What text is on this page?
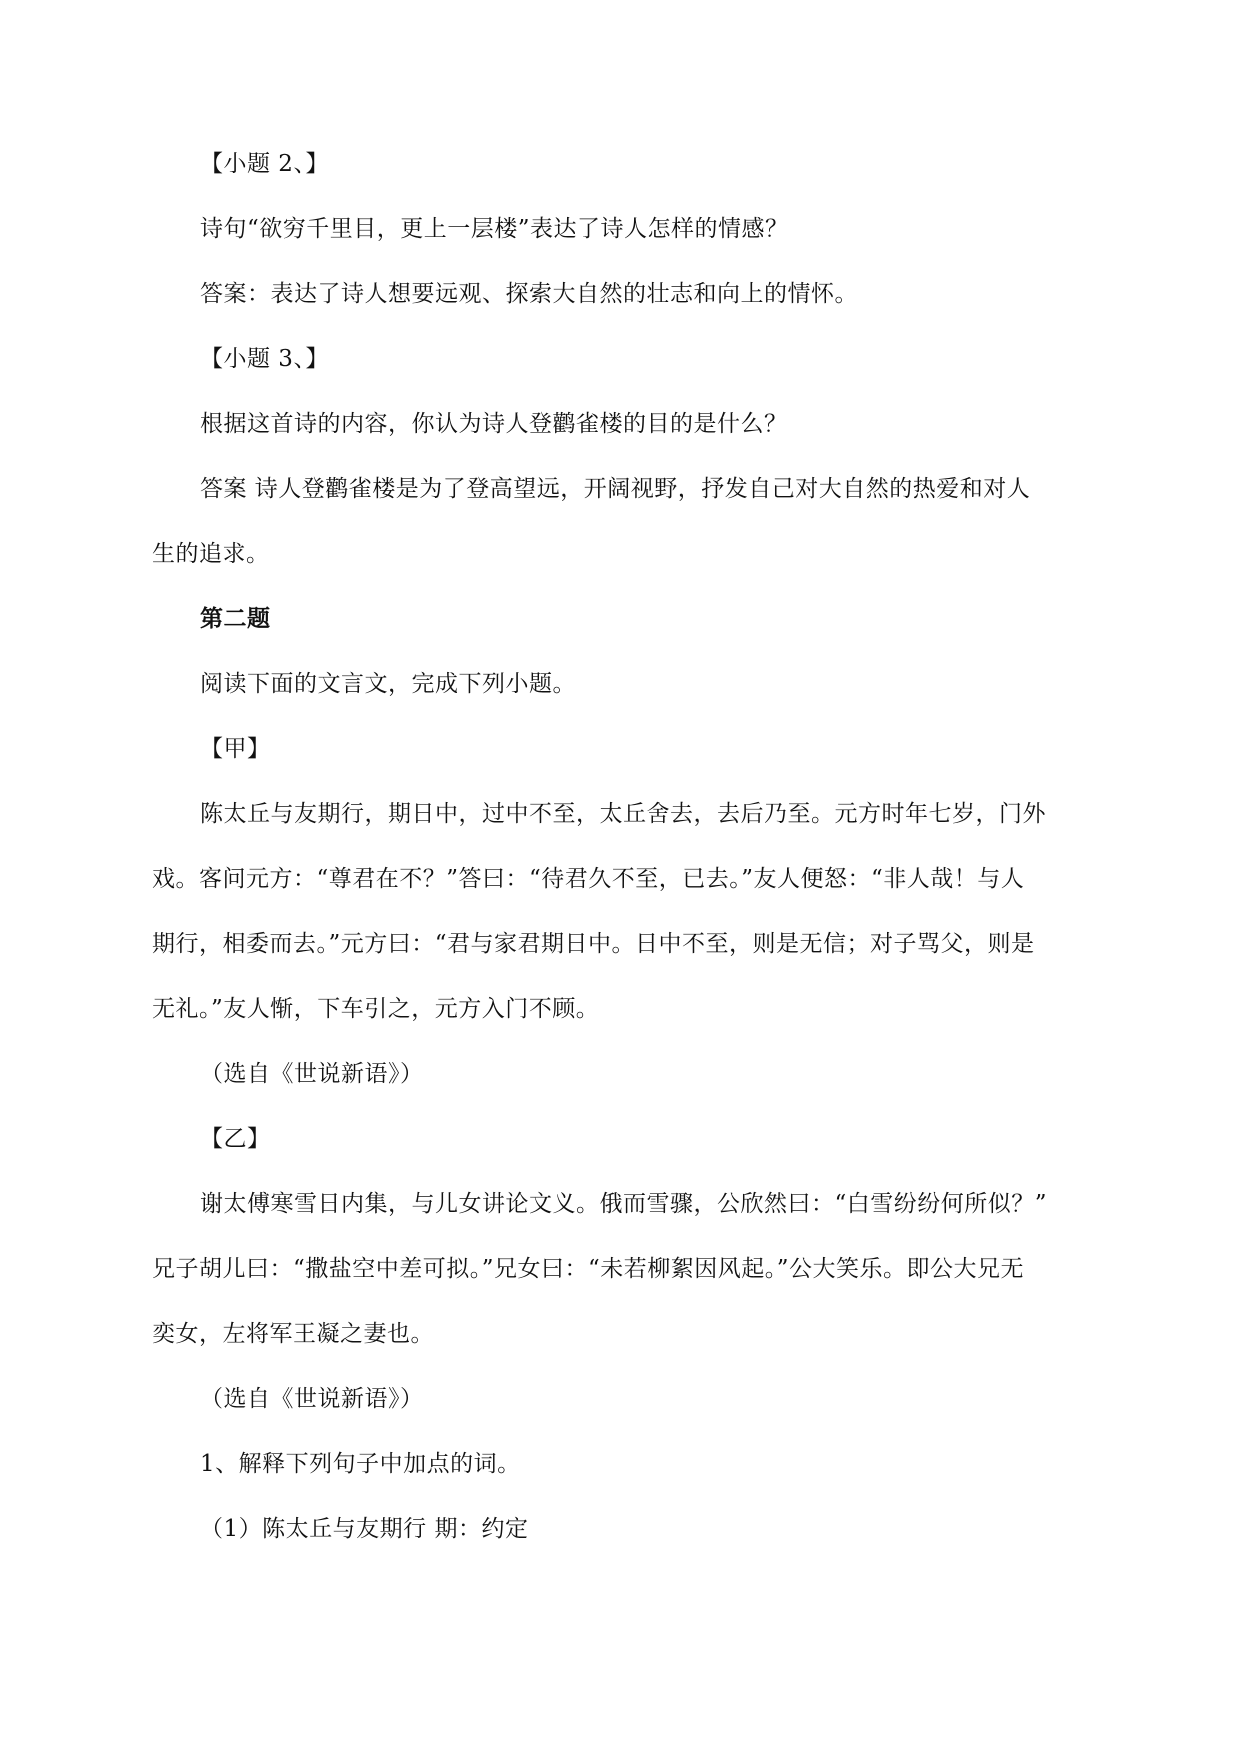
【小题 2、】
诗句“欲穷千里目，更上一层楼”表达了诗人怎样的情感？
答案：表达了诗人想要远观、探索大自然的壮志和向上的情怀。
【小题 3、】
根据这首诗的内容，你认为诗人登鹳雀楼的目的是什么？
答案 诗人登鹳雀楼是为了登高望远，开阔视野，抒发自己对大自然的热爱和对人
生的追求。
第二题
阅读下面的文言文，完成下列小题。
【甲】
陈太丘与友期行，期日中，过中不至，太丘舍去，去后乃至。元方时年七岁，门外
戏。客问元方：“尊君在不？”答曰：“待君久不至，已去。”友人便怒：“非人哉！与人
期行，相委而去。”元方曰：“君与家君期日中。日中不至，则是无信；对子骂父，则是
无礼。”友人惭，下车引之，元方入门不顾。
（选自《世说新语》）
【乙】
谢太傅寒雪日内集，与儿女讲论文义。俄而雪骤，公欣然曰：“白雪纷纷何所似？”
兄子胡儿曰：“撒盐空中差可拟。”兄女曰：“未若柳絮因风起。”公大笑乐。即公大兄无
奕女，左将军王凝之妻也。
（选自《世说新语》）
1、解释下列句子中加点的词。
（1）陈太丘与友期行 期：约定
